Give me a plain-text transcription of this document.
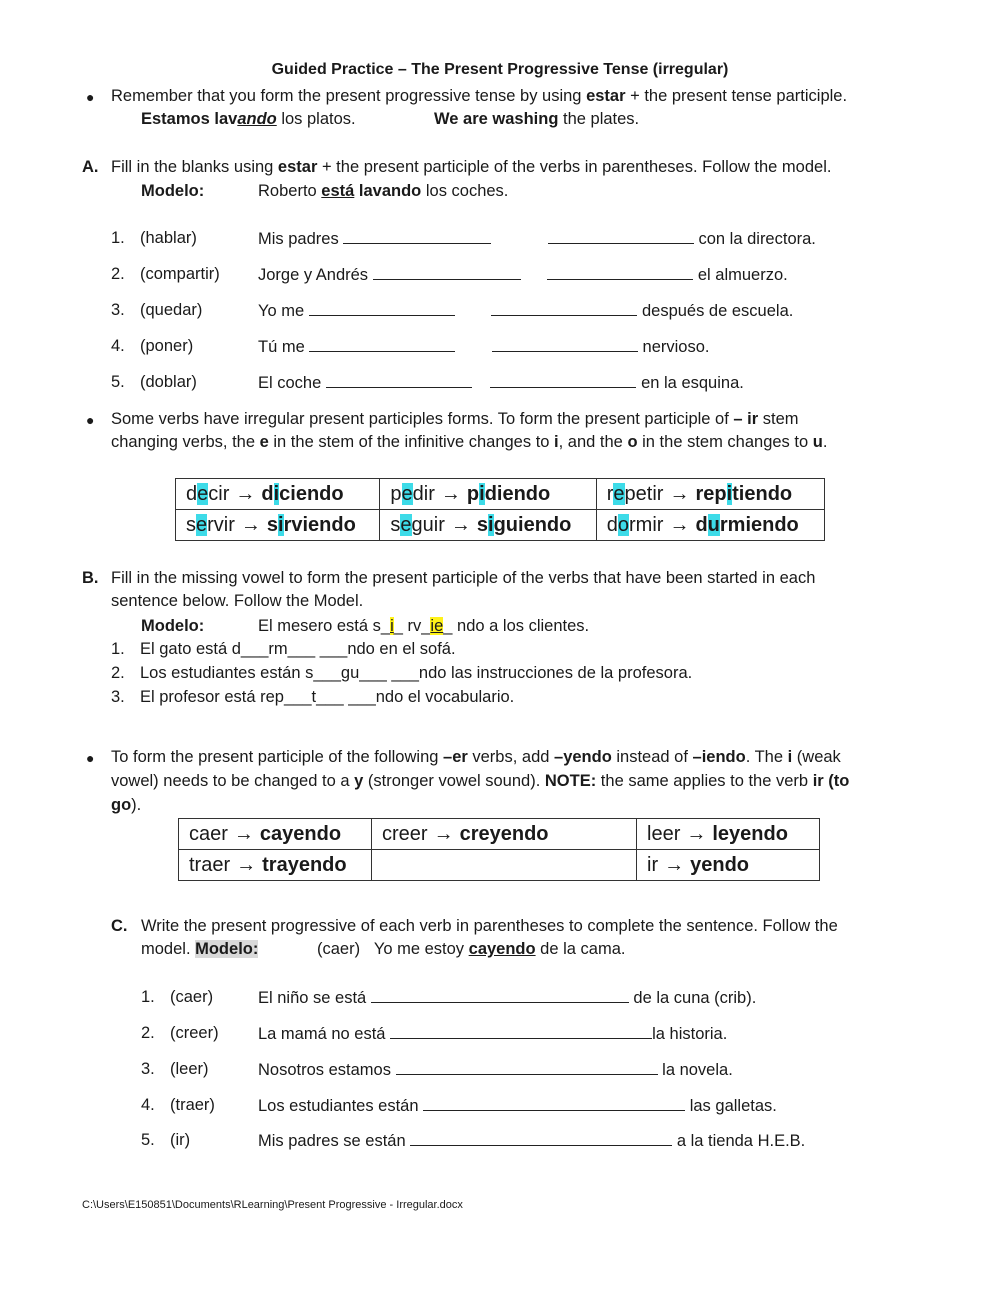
Guided Practice – The Present Progressive Tense (irregular)
● Remember that you form the present progressive tense by using estar + the present tense participle.
Estamos lavando los platos.	We are washing the plates.
A. Fill in the blanks using estar + the present participle of the verbs in parentheses. Follow the model.
Modelo:	Roberto está lavando los coches.
1. (hablar)	Mis padres	con la directora.
2. (compartir) Jorge y Andrés	el almuerzo.
3. (quedar)	Yo me	después de escuela.
4. (poner)	Tú me	nervioso.
5. (doblar)	El coche	en la esquina.
● Some verbs have irregular present participles forms. To form the present participle of – ir stem
changing verbs, the e in the stem of the infinitive changes to i, and the o in the stem changes to u.
decir → diciendo	pedir → pidiendo	repetir → repitiendo
servir → sirviendo	seguir → siguiendo	dormir → durmiendo
B. Fill in the missing vowel to form the present participle of the verbs that have been started in each
sentence below. Follow the Model.
Modelo:	El mesero está s_i_ rv_ie_ ndo a los clientes.
1. El gato está d___rm___ ___ndo en el sofá.
2. Los estudiantes están s___gu___ ___ndo las instrucciones de la profesora.
3. El profesor está rep___t___ ___ndo el vocabulario.
● To form the present participle of the following –er verbs, add –yendo instead of –iendo. The i (weak
vowel) needs to be changed to a y (stronger vowel sound). NOTE: the same applies to the verb ir (to
go).
caer → cayendo	creer → creyendo	leer → leyendo
traer → trayendo		ir → yendo
C. Write the present progressive of each verb in parentheses to complete the sentence. Follow the
model. Modelo:	(caer) Yo me estoy cayendo de la cama.
1. (caer)	El niño se está	de la cuna (crib).
2. (creer) La mamá no está	la historia.
3. (leer)	Nosotros estamos	la novela.
4. (traer)	Los estudiantes están	las galletas.
5. (ir)	Mis padres se están	a la tienda H.E.B.
C:\Users\E150851\Documents\RLearning\Present Progressive - Irregular.docx
